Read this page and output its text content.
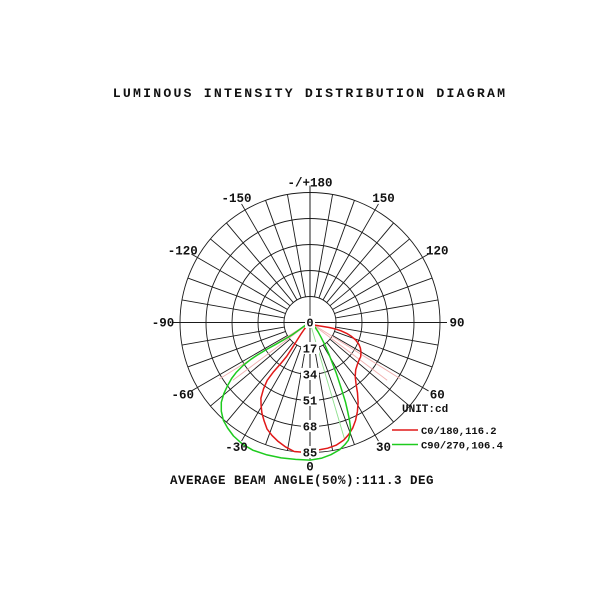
0
30
60
90
120
150
-/+180
-150
-120
-90
-60
-30
0
17
34
51
68
85
LUMINOUS INTENSITY DISTRIBUTION DIAGRAM
AVERAGE BEAM ANGLE(50%):111.3 DEG
UNIT:cd
C0/180,116.2
C90/270,106.4
